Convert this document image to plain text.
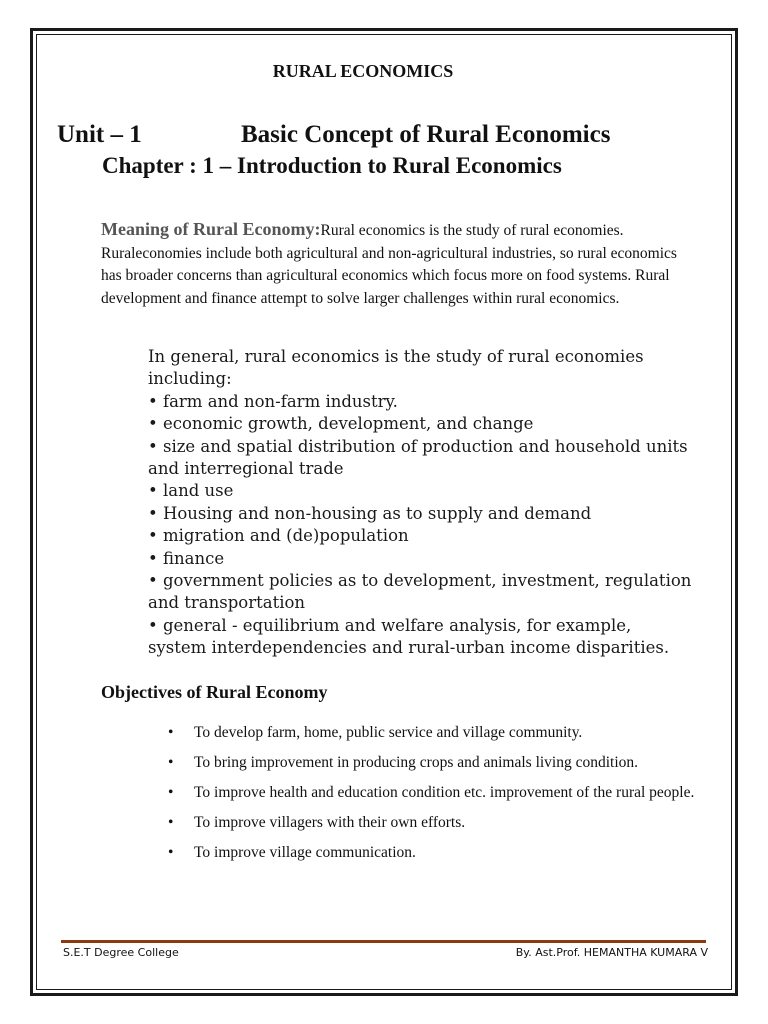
RURAL ECONOMICS
Unit – 1	Basic Concept of Rural Economics
Chapter : 1 – Introduction to Rural Economics
Meaning of Rural Economy:Rural economics is the study of rural economies. Ruraleconomies include both agricultural and non-agricultural industries, so rural economics has broader concerns than agricultural economics which focus more on food systems. Rural development and finance attempt to solve larger challenges within rural economics.

In general, rural economics is the study of rural economies including:

• farm and non-farm industry.

• economic growth, development, and change

• size and spatial distribution of production and household units and interregional trade

• land use

• Housing and non-housing as to supply and demand

• migration and (de)population

• finance

• government policies as to development, investment, regulation and transportation

• general - equilibrium and welfare analysis, for example, system interdependencies and rural-urban income disparities.

Objectives of Rural Economy
• To develop farm, home, public service and village community.
• To bring improvement in producing crops and animals living condition.
• To improve health and education condition etc. improvement of the rural people.
• To improve villagers with their own efforts.
• To improve village communication.
S.E.T Degree College	By. Ast.Prof. HEMANTHA KUMARA V
